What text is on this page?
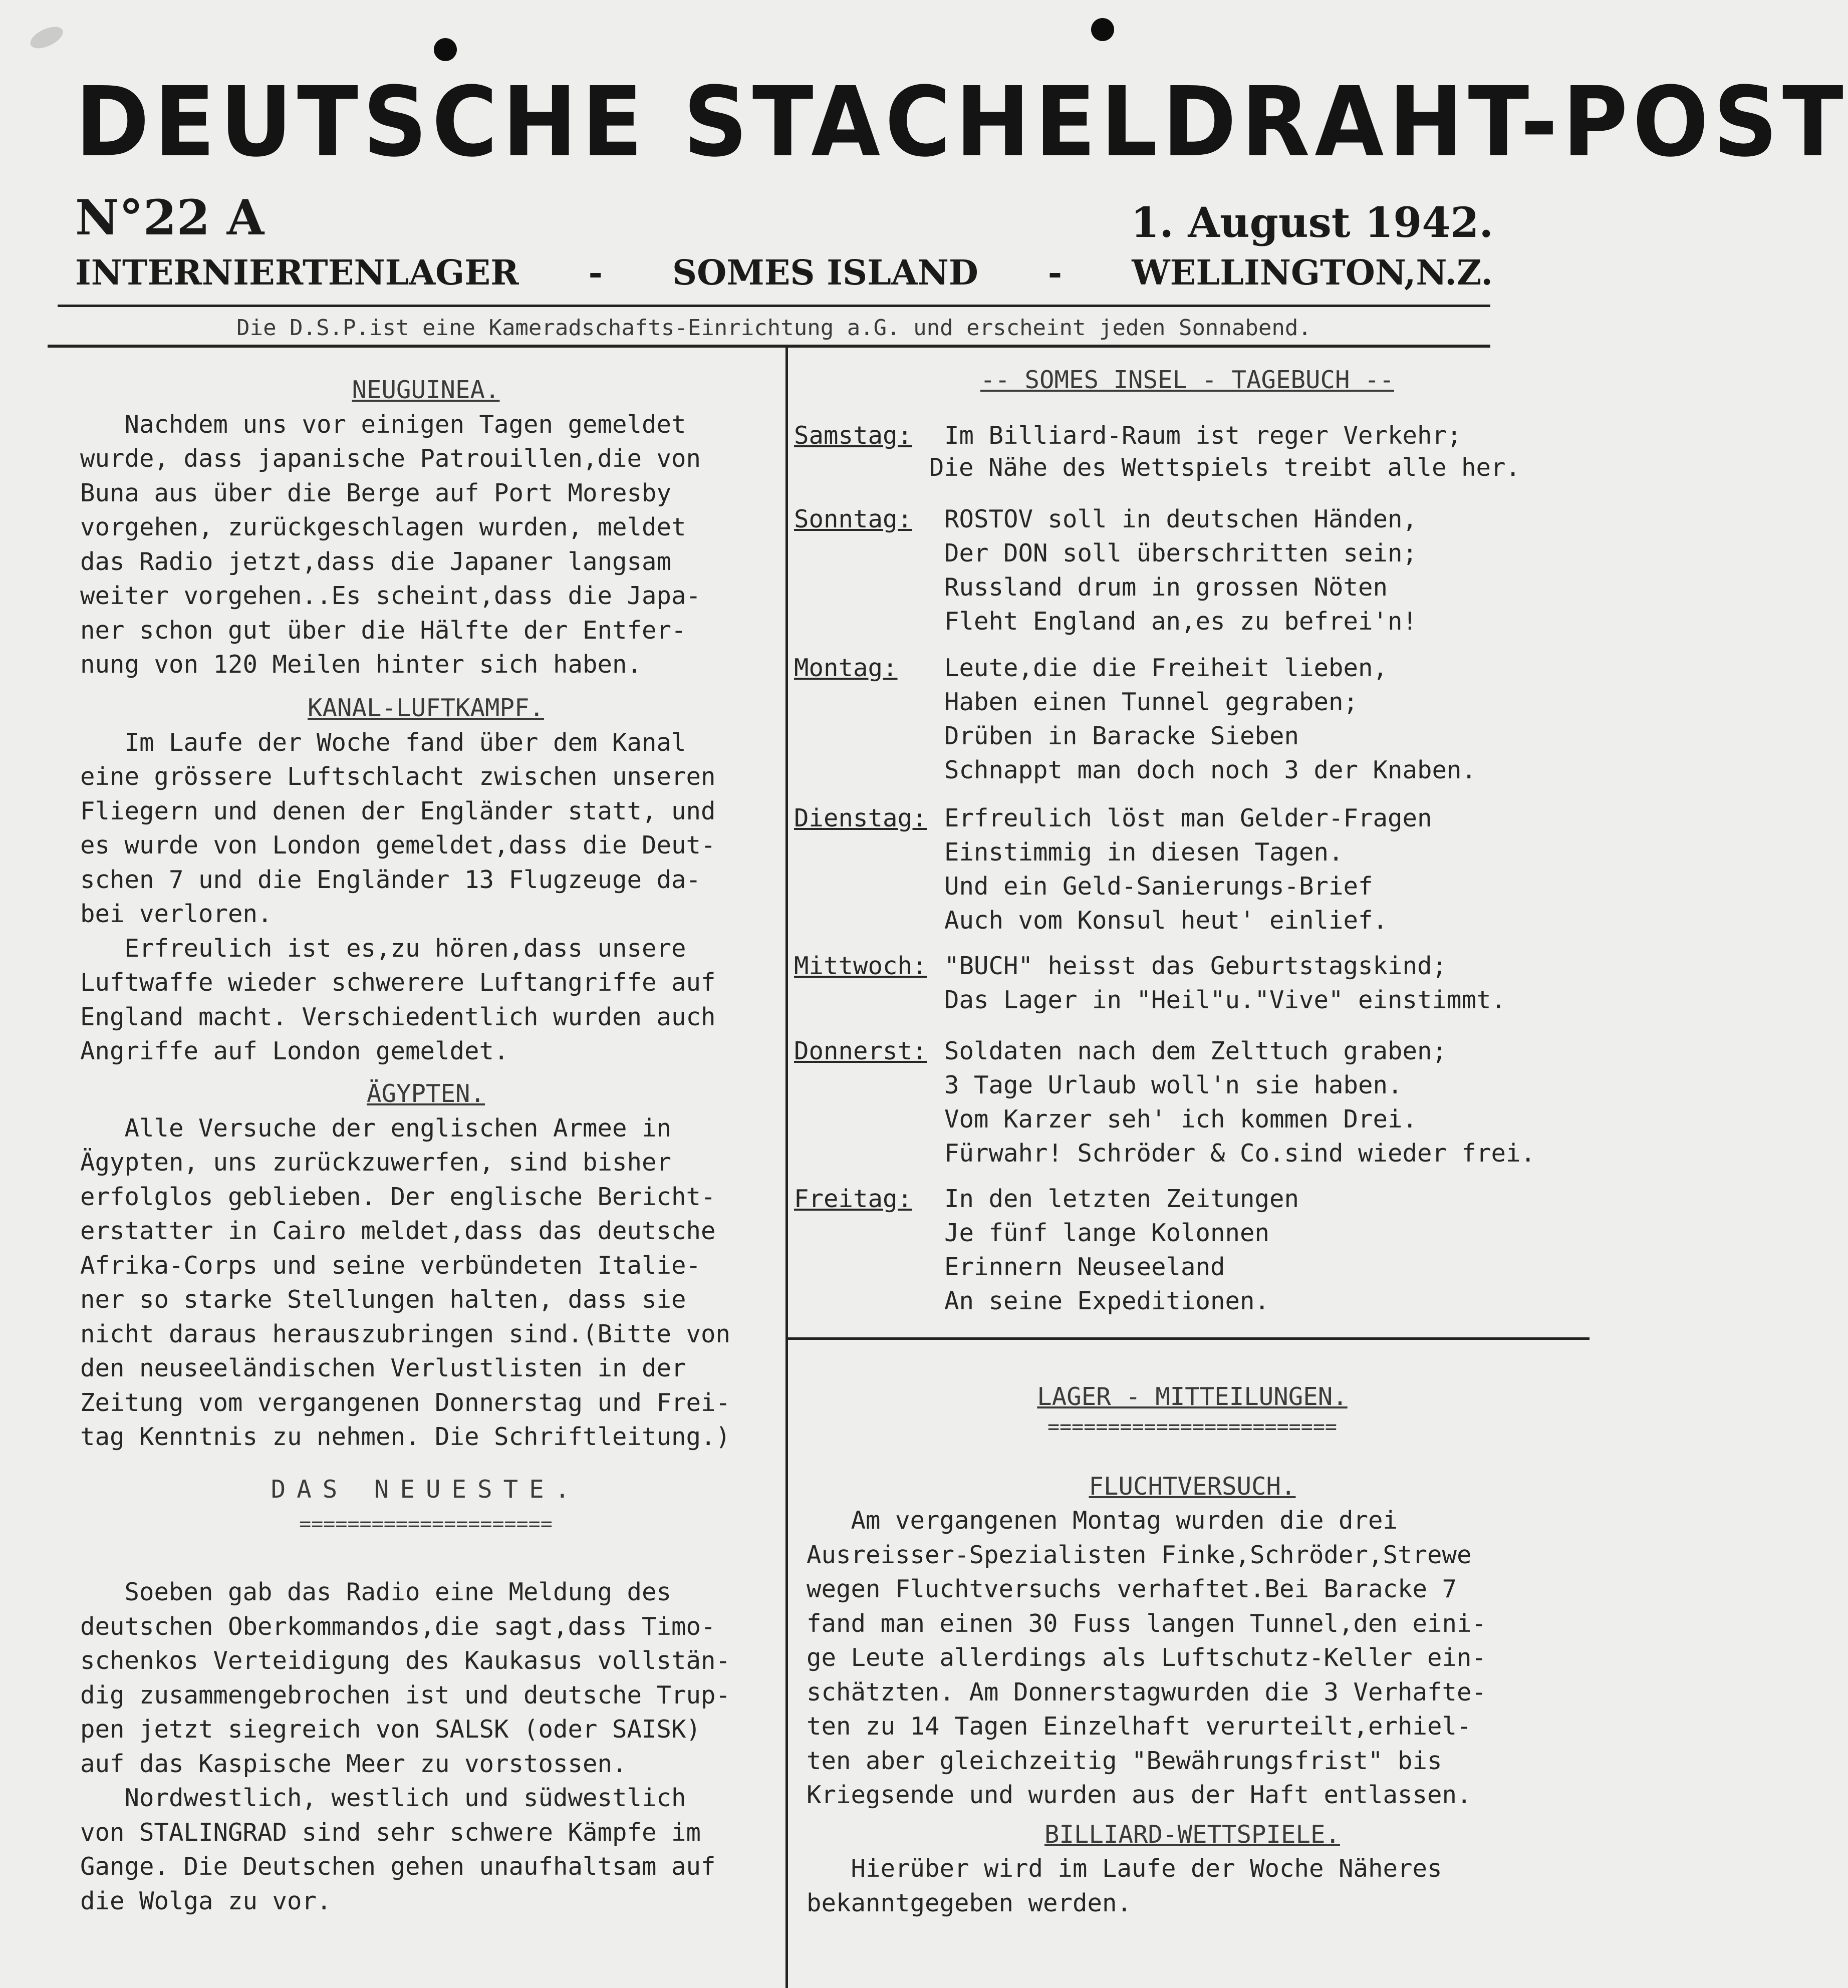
DEUTSCHE STACHELDRAHT-POST
N°22 A	1. August 1942.
INTERNIERTENLAGER - SOMES ISLAND - WELLINGTON,N.Z.
Die D.S.P.ist eine Kameradschafts-Einrichtung a.G. und erscheint jeden Sonnabend.

NEUGUINEA.

Nachdem uns vor einigen Tagen gemeldet

wurde, dass japanische Patrouillen,die von

Buna aus über die Berge auf Port Moresby

vorgehen, zurückgeschlagen wurden, meldet

das Radio jetzt,dass die Japaner langsam

weiter vorgehen..Es scheint,dass die Japa-

ner schon gut über die Hälfte der Entfer-

nung von 120 Meilen hinter sich haben.

KANAL-LUFTKAMPF.

Im Laufe der Woche fand über dem Kanal

eine grössere Luftschlacht zwischen unseren

Fliegern und denen der Engländer statt, und

es wurde von London gemeldet,dass die Deut-

schen 7 und die Engländer 13 Flugzeuge da-

bei verloren.

Erfreulich ist es,zu hören,dass unsere

Luftwaffe wieder schwerere Luftangriffe auf

England macht. Verschiedentlich wurden auch

Angriffe auf London gemeldet.

ÄGYPTEN.

Alle Versuche der englischen Armee in

Ägypten, uns zurückzuwerfen, sind bisher

erfolglos geblieben. Der englische Bericht-

erstatter in Cairo meldet,dass das deutsche

Afrika-Corps und seine verbündeten Italie-

ner so starke Stellungen halten, dass sie

nicht daraus herauszubringen sind.(Bitte von

den neuseeländischen Verlustlisten in der

Zeitung vom vergangenen Donnerstag und Frei-

tag Kenntnis zu nehmen. Die Schriftleitung.)

DAS NEUESTE.

=====================

Soeben gab das Radio eine Meldung des

deutschen Oberkommandos,die sagt,dass Timo-

schenkos Verteidigung des Kaukasus vollstän-

dig zusammengebrochen ist und deutsche Trup-

pen jetzt siegreich von SALSK (oder SAISK)

auf das Kaspische Meer zu vorstossen.

Nordwestlich, westlich und südwestlich

von STALINGRAD sind sehr schwere Kämpfe im

Gange. Die Deutschen gehen unaufhaltsam auf

die Wolga zu vor.

-- SOMES INSEL - TAGEBUCH --

Samstag: Im Billiard-Raum ist reger Verkehr;
Die Nähe des Wettspiels treibt alle her.
Sonntag: ROSTOV soll in deutschen Händen,
Der DON soll überschritten sein;
Russland drum in grossen Nöten
Fleht England an,es zu befrei'n!
Montag: Leute,die die Freiheit lieben,
Haben einen Tunnel gegraben;
Drüben in Baracke Sieben
Schnappt man doch noch 3 der Knaben.
Dienstag: Erfreulich löst man Gelder-Fragen
Einstimmig in diesen Tagen.
Und ein Geld-Sanierungs-Brief
Auch vom Konsul heut' einlief.
Mittwoch: "BUCH" heisst das Geburtstagskind;
Das Lager in "Heil"u."Vive" einstimmt.
Donnerst: Soldaten nach dem Zelttuch graben;
3 Tage Urlaub woll'n sie haben.
Vom Karzer seh' ich kommen Drei.
Fürwahr! Schröder & Co.sind wieder frei.
Freitag: In den letzten Zeitungen
Je fünf lange Kolonnen
Erinnern Neuseeland
An seine Expeditionen.

LAGER - MITTEILUNGEN.

========================

FLUCHTVERSUCH.

Am vergangenen Montag wurden die drei

Ausreisser-Spezialisten Finke,Schröder,Strewe

wegen Fluchtversuchs verhaftet.Bei Baracke 7

fand man einen 30 Fuss langen Tunnel,den eini-

ge Leute allerdings als Luftschutz-Keller ein-

schätzten. Am Donnerstagwurden die 3 Verhafte-

ten zu 14 Tagen Einzelhaft verurteilt,erhiel-

ten aber gleichzeitig "Bewährungsfrist" bis

Kriegsende und wurden aus der Haft entlassen.

BILLIARD-WETTSPIELE.

Hierüber wird im Laufe der Woche Näheres

bekanntgegeben werden.
